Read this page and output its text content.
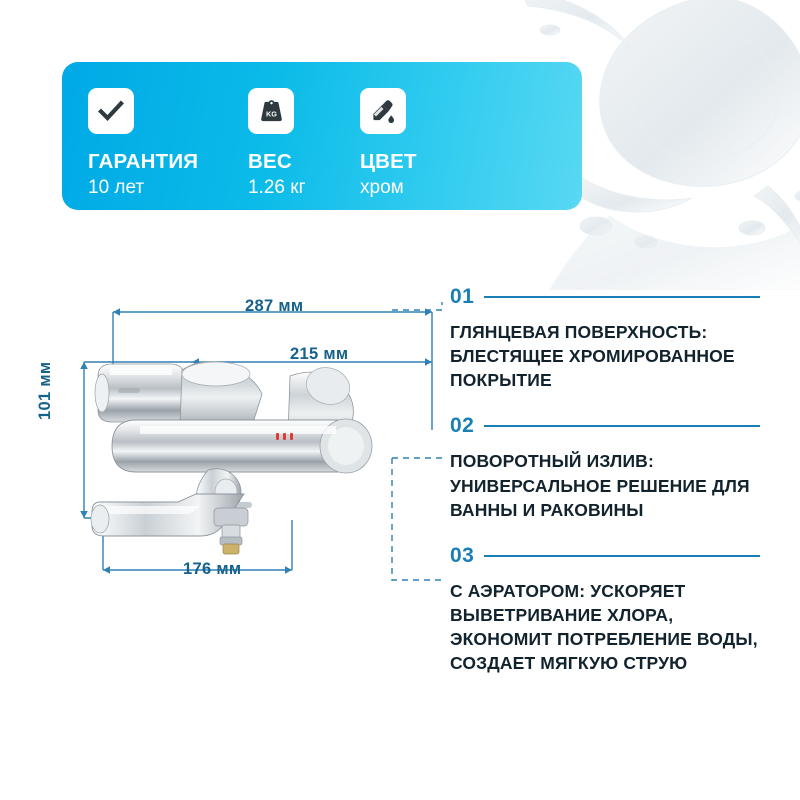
ГАРАНТИЯ
10 лет
KG
ВЕС
1.26 кг
ЦВЕТ
хром
287 мм
215 мм
101 мм
176 мм
01
ГЛЯНЦЕВАЯ ПОВЕРХНОСТЬ: БЛЕСТЯЩЕЕ ХРОМИРОВАННОЕ ПОКРЫТИЕ
02
ПОВОРОТНЫЙ ИЗЛИВ: УНИВЕРСАЛЬНОЕ РЕШЕНИЕ ДЛЯ ВАННЫ И РАКОВИНЫ
03
С АЭРАТОРОМ: УСКОРЯЕТ ВЫВЕТРИВАНИЕ ХЛОРА, ЭКОНОМИТ ПОТРЕБЛЕНИЕ ВОДЫ, СОЗДАЕТ МЯГКУЮ СТРУЮ
